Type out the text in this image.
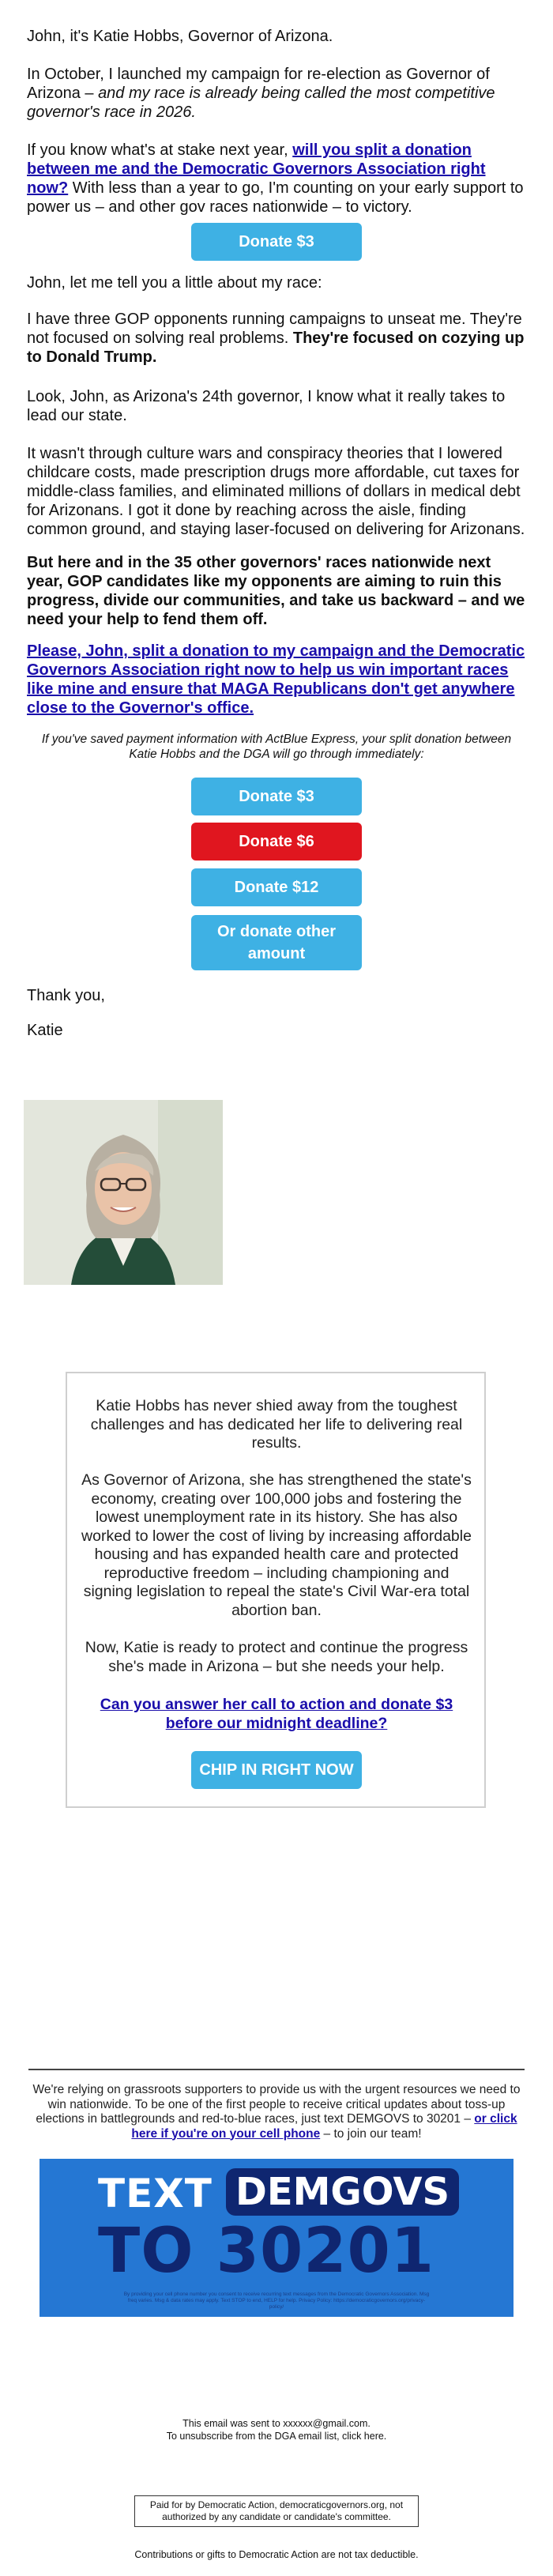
John, it's Katie Hobbs, Governor of Arizona.

In October, I launched my campaign for re-election as Governor of Arizona – and my race is already being called the most competitive governor's race in 2026.

If you know what's at stake next year, will you split a donation between me and the Democratic Governors Association right now? With less than a year to go, I'm counting on your early support to power us – and other gov races nationwide – to victory.

Donate $3

John, let me tell you a little about my race:

I have three GOP opponents running campaigns to unseat me. They're not focused on solving real problems. They're focused on cozying up to Donald Trump.

Look, John, as Arizona's 24th governor, I know what it really takes to lead our state.

It wasn't through culture wars and conspiracy theories that I lowered childcare costs, made prescription drugs more affordable, cut taxes for middle-class families, and eliminated millions of dollars in medical debt for Arizonans. I got it done by reaching across the aisle, finding common ground, and staying laser-focused on delivering for Arizonans.

But here and in the 35 other governors' races nationwide next year, GOP candidates like my opponents are aiming to ruin this progress, divide our communities, and take us backward – and we need your help to fend them off.

Please, John, split a donation to my campaign and the Democratic Governors Association right now to help us win important races like mine and ensure that MAGA Republicans don't get anywhere close to the Governor's office.

If you've saved payment information with ActBlue Express, your split donation between Katie Hobbs and the DGA will go through immediately:

Donate $3
Donate $6
Donate $12
Or donate other amount

Thank you,

Katie

Katie Hobbs has never shied away from the toughest challenges and has dedicated her life to delivering real results.

As Governor of Arizona, she has strengthened the state's economy, creating over 100,000 jobs and fostering the lowest unemployment rate in its history. She has also worked to lower the cost of living by increasing affordable housing and has expanded health care and protected reproductive freedom – including championing and signing legislation to repeal the state's Civil War-era total abortion ban.

Now, Katie is ready to protect and continue the progress she's made in Arizona – but she needs your help.

Can you answer her call to action and donate $3 before our midnight deadline?

CHIP IN RIGHT NOW

We're relying on grassroots supporters to provide us with the urgent resources we need to win nationwide. To be one of the first people to receive critical updates about toss-up elections in battlegrounds and red-to-blue races, just text DEMGOVS to 30201 – or click here if you're on your cell phone – to join our team!

TEXT DEMGOVS
TO 30201
By providing your cell phone number you consent to receive recurring text messages from the Democratic Governors Association. Msg freq varies. Msg & data rates may apply. Text STOP to end, HELP for help. Privacy Policy: https://democraticgovernors.org/privacy-policy/

This email was sent to xxxxxx@gmail.com.

To unsubscribe from the DGA email list, click here.

Paid for by Democratic Action, democraticgovernors.org, not authorized by any candidate or candidate's committee.

Contributions or gifts to Democratic Action are not tax deductible.
